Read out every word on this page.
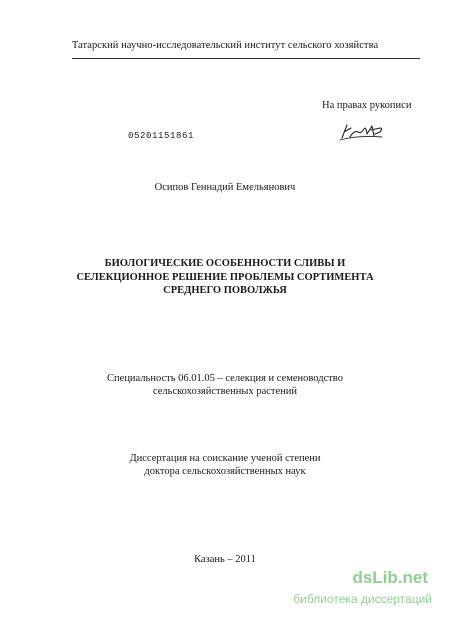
Татарский научно-исследовательский институт сельского хозяйства
На правах рукописи
05201151861
Осипов Геннадий Емельянович
БИОЛОГИЧЕСКИЕ ОСОБЕННОСТИ СЛИВЫ И
СЕЛЕКЦИОННОЕ РЕШЕНИЕ ПРОБЛЕМЫ СОРТИМЕНТА
СРЕДНЕГО ПОВОЛЖЬЯ
Специальность 06.01.05 – селекция и семеноводство
сельскохозяйственных растений
Диссертация на соискание ученой степени
доктора сельскохозяйственных наук
Казань – 2011
dsLib.net
библиотека диссертаций
